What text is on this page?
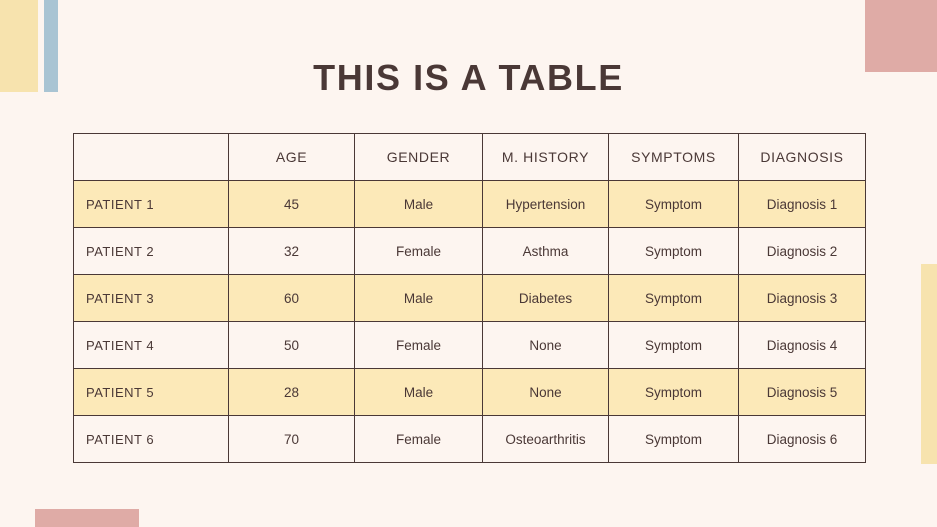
THIS IS A TABLE
	AGE	GENDER	M. HISTORY	SYMPTOMS	DIAGNOSIS
PATIENT 1	45	Male	Hypertension	Symptom	Diagnosis 1
PATIENT 2	32	Female	Asthma	Symptom	Diagnosis 2
PATIENT 3	60	Male	Diabetes	Symptom	Diagnosis 3
PATIENT 4	50	Female	None	Symptom	Diagnosis 4
PATIENT 5	28	Male	None	Symptom	Diagnosis 5
PATIENT 6	70	Female	Osteoarthritis	Symptom	Diagnosis 6
